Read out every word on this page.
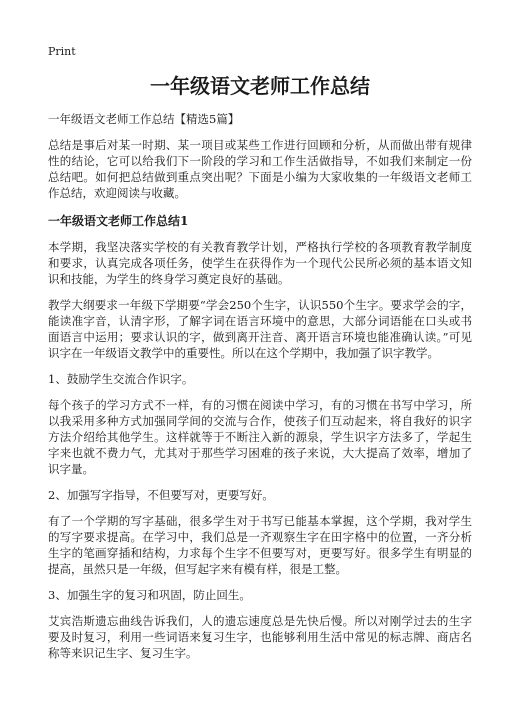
Print
一年级语文老师工作总结

一年级语文老师工作总结【精选5篇】

总结是事后对某一时期、某一项目或某些工作进行回顾和分析，从而做出带有规律性的结论，它可以给我们下一阶段的学习和工作生活做指导，不如我们来制定一份总结吧。如何把总结做到重点突出呢？下面是小编为大家收集的一年级语文老师工作总结，欢迎阅读与收藏。

一年级语文老师工作总结1

本学期，我坚决落实学校的有关教育教学计划，严格执行学校的各项教育教学制度和要求，认真完成各项任务，使学生在获得作为一个现代公民所必须的基本语文知识和技能，为学生的终身学习奠定良好的基础。

教学大纲要求一年级下学期要“学会250个生字，认识550个生字。要求学会的字，能读准字音，认清字形，了解字词在语言环境中的意思，大部分词语能在口头或书面语言中运用；要求认识的字，做到离开注音、离开语言环境也能准确认读。”可见识字在一年级语文教学中的重要性。所以在这个学期中，我加强了识字教学。

1、鼓励学生交流合作识字。

每个孩子的学习方式不一样，有的习惯在阅读中学习，有的习惯在书写中学习，所以我采用多种方式加强同学间的交流与合作，使孩子们互动起来，将自我好的识字方法介绍给其他学生。这样就等于不断注入新的源泉，学生识字方法多了，学起生字来也就不费力气，尤其对于那些学习困难的孩子来说，大大提高了效率，增加了识字量。

2、加强写字指导，不但要写对，更要写好。

有了一个学期的写字基础，很多学生对于书写已能基本掌握，这个学期，我对学生的写字要求提高。在学习中，我们总是一齐观察生字在田字格中的位置，一齐分析生字的笔画穿插和结构，力求每个生字不但要写对，更要写好。很多学生有明显的提高，虽然只是一年级，但写起字来有模有样，很是工整。

3、加强生字的复习和巩固，防止回生。

艾宾浩斯遗忘曲线告诉我们，人的遗忘速度总是先快后慢。所以对刚学过去的生字要及时复习，利用一些词语来复习生字，也能够利用生活中常见的标志牌、商店名称等来识记生字、复习生字。
